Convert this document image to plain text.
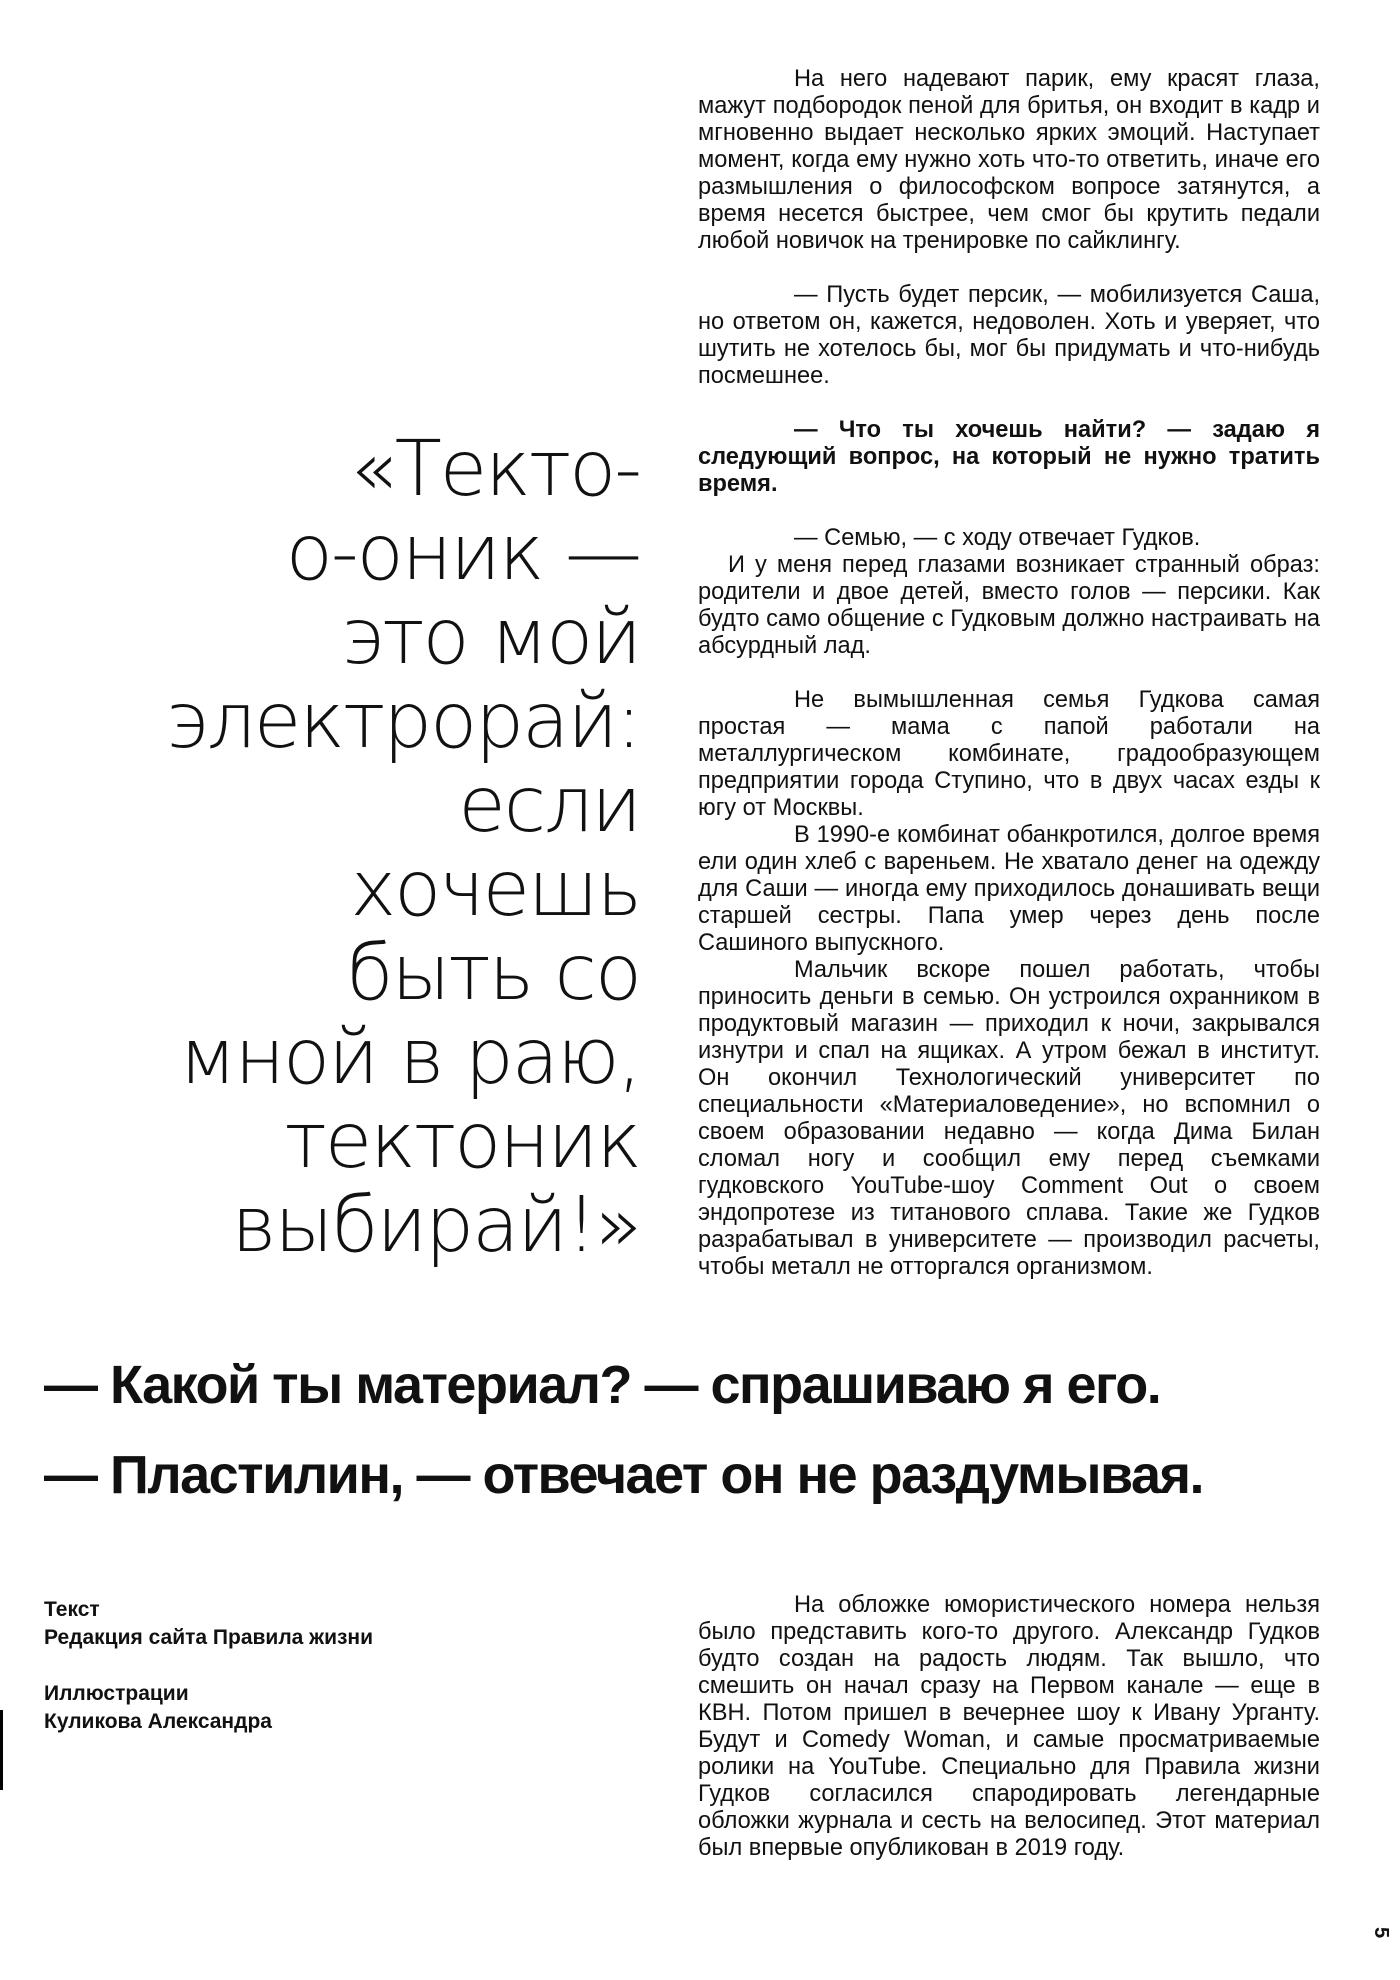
На него надевают парик, ему красят глаза, мажут подбородок пеной для бритья, он входит в кадр и мгновенно выдает несколько ярких эмоций. Наступает момент, когда ему нужно хоть что-то ответить, иначе его размышления о философском вопросе затянутся, а время несется быстрее, чем смог бы крутить педали любой новичок на тренировке по сайклингу.

— Пусть будет персик, — мобилизуется Саша, но ответом он, кажется, недоволен. Хоть и уверяет, что шутить не хотелось бы, мог бы придумать и что-нибудь посмешнее.

— Что ты хочешь найти? — задаю я следующий вопрос, на который не нужно тратить время.

— Семью, — с ходу отвечает Гудков.

И у меня перед глазами возникает странный образ: родители и двое детей, вместо голов — персики. Как будто само общение с Гудковым должно настраивать на абсурдный лад.

Не вымышленная семья Гудкова самая простая — мама с папой работали на металлургическом комбинате, градообразующем предприятии города Ступино, что в двух часах езды к югу от Москвы.

В 1990-е комбинат обанкротился, долгое время ели один хлеб с вареньем. Не хватало денег на одежду для Саши — иногда ему приходилось донашивать вещи старшей сестры. Папа умер через день после Сашиного выпускного.

Мальчик вскоре пошел работать, чтобы приносить деньги в семью. Он устроился охранником в продуктовый магазин — приходил к ночи, закрывался изнутри и спал на ящиках. А утром бежал в институт. Он окончил Технологический университет по специальности «Материаловедение», но вспомнил о своем образовании недавно — когда Дима Билан сломал ногу и сообщил ему перед съемками гудковского YouTube-шоу Comment Out о своем эндопротезе из титанового сплава. Такие же Гудков разрабатывал в университете — производил расчеты, чтобы металл не отторгался организмом.

«Текто-
о-оник —
это мой
электрорай:
если
хочешь
быть со
мной в раю,
тектоник
выбирай!»
— Какой ты материал? — спрашиваю я его.
— Пластилин, — отвечает он не раздумывая.
Текст
Редакция сайта Правила жизни
Иллюстрации
Куликова Александра

На обложке юмористического номера нельзя было представить кого-то другого. Александр Гудков будто создан на радость людям. Так вышло, что смешить он начал сразу на Первом канале — еще в КВН. Потом пришел в вечернее шоу к Ивану Урганту. Будут и Comedy Woman, и самые просматриваемые ролики на YouTube. Специально для Правила жизни Гудков согласился спародировать легендарные обложки журнала и сесть на велосипед. Этот материал был впервые опубликован в 2019 году.

5
